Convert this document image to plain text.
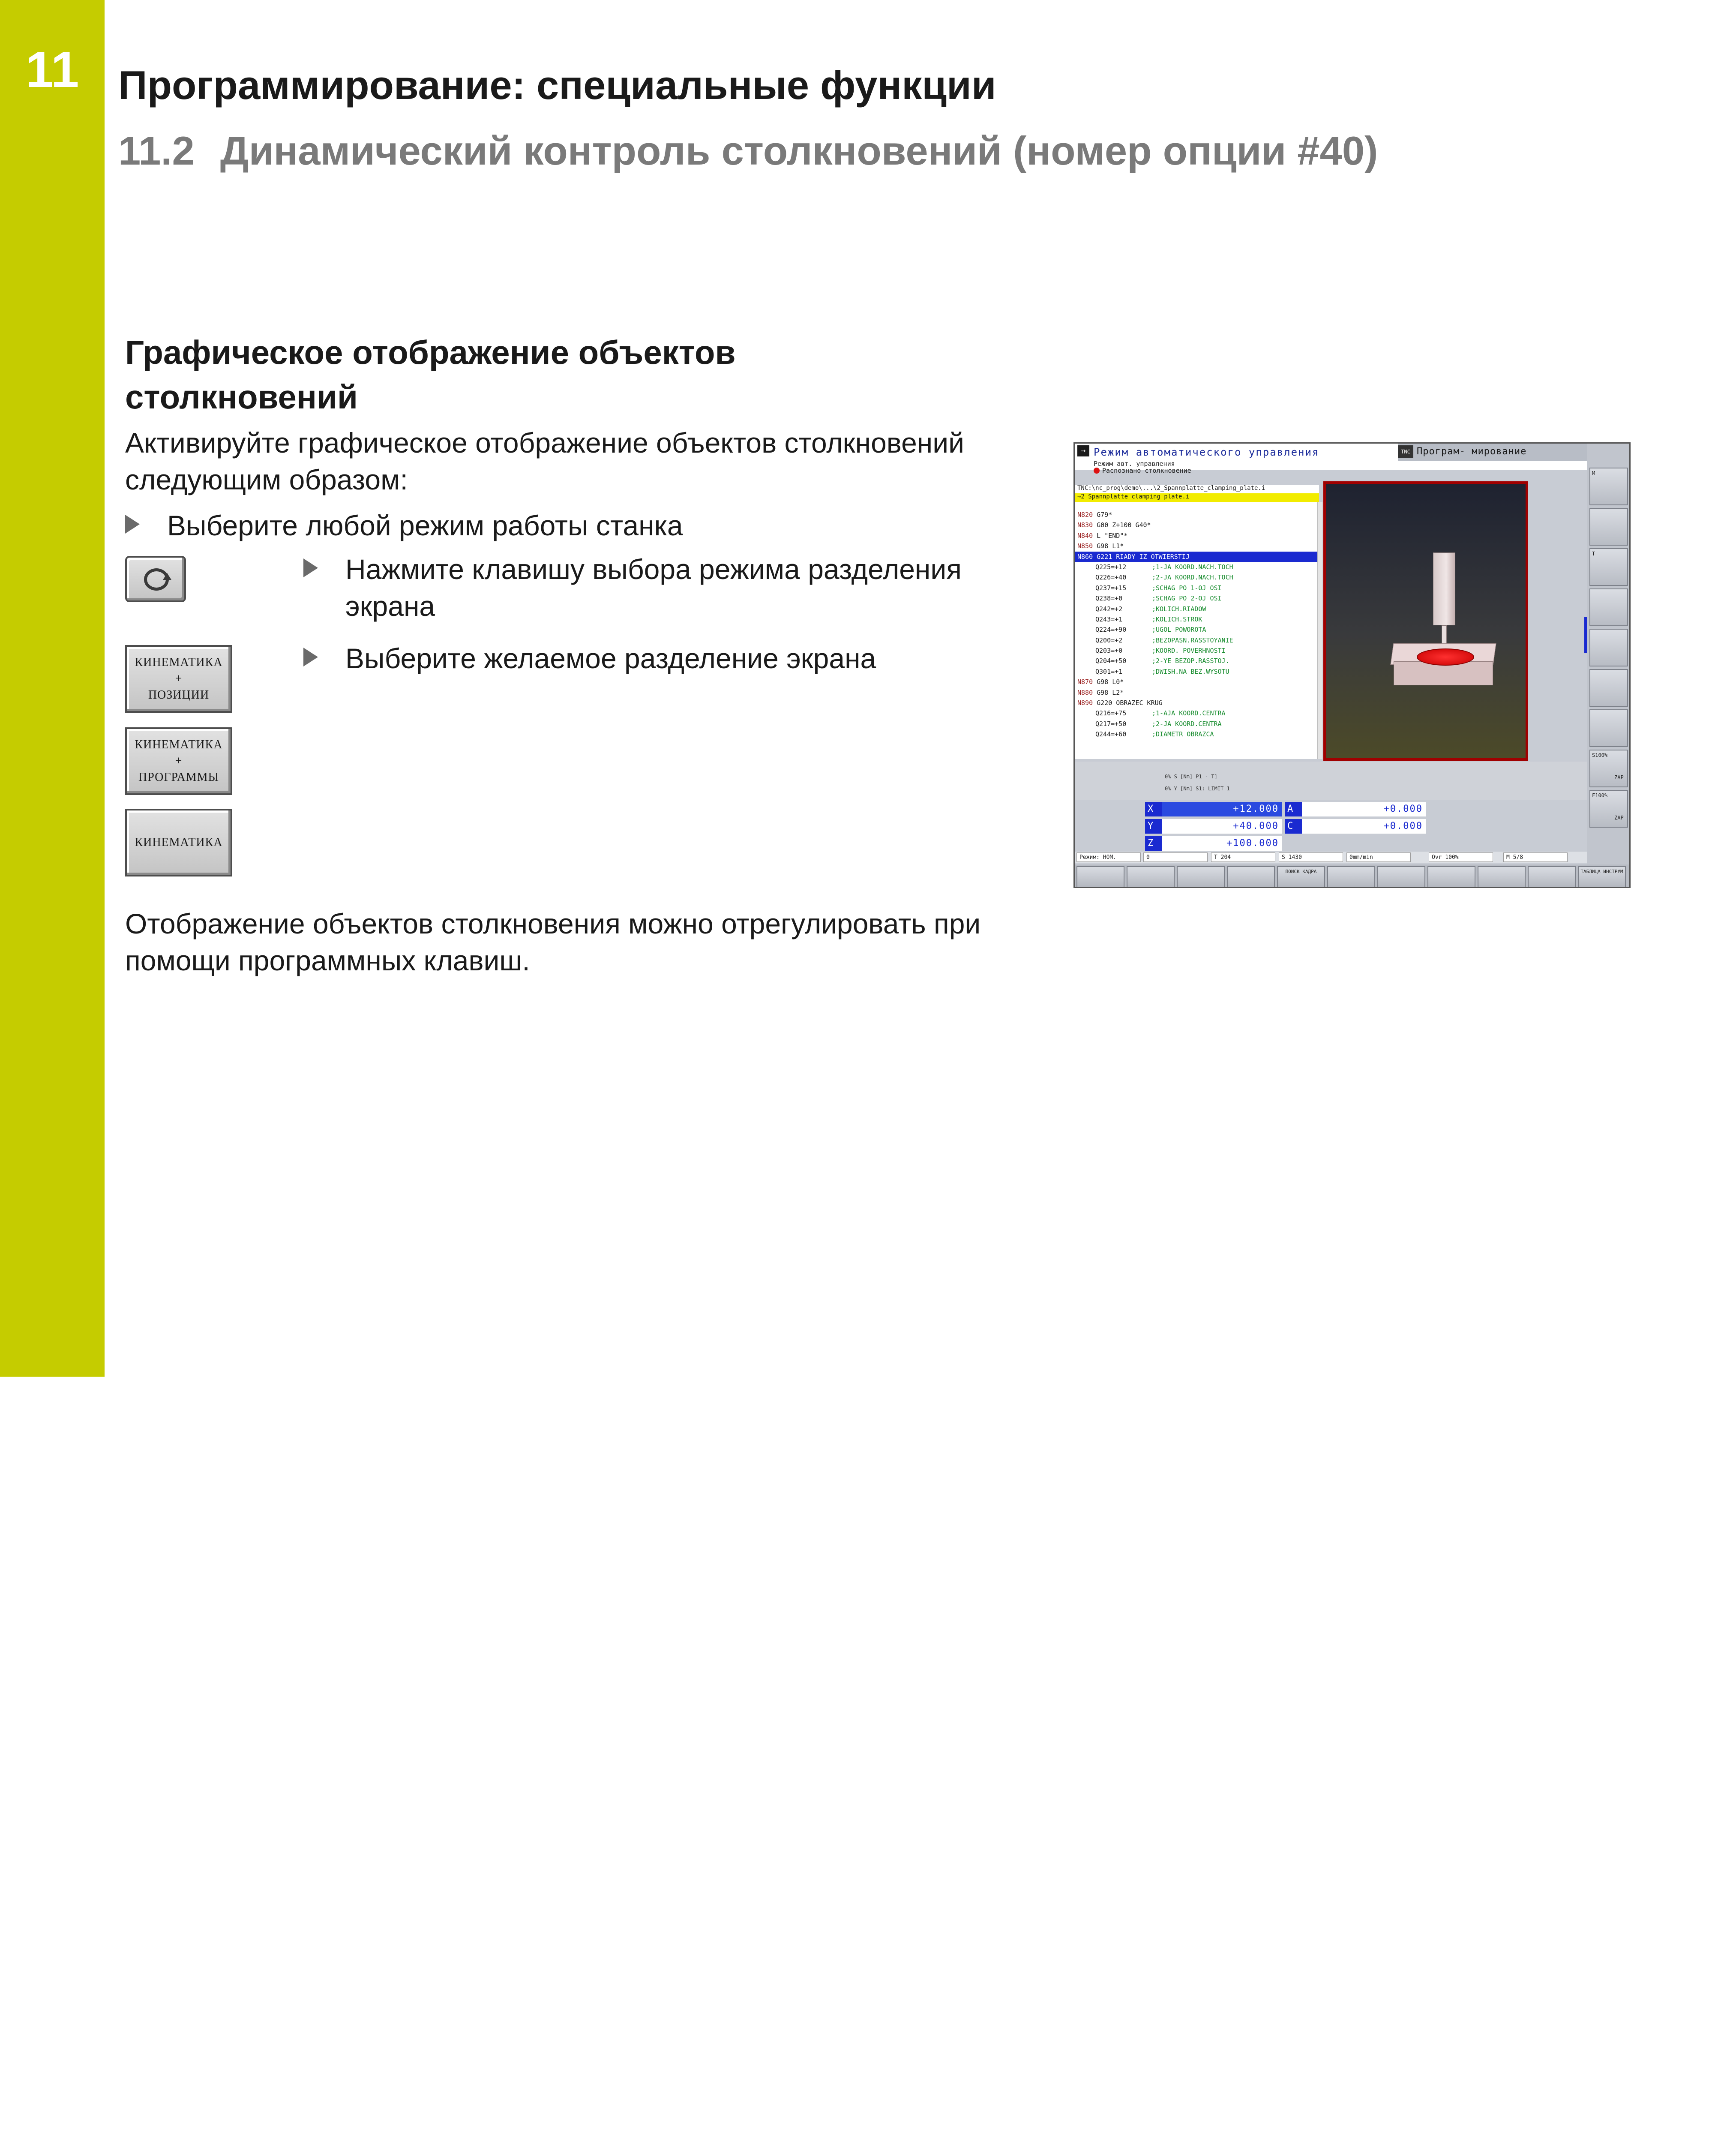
11 Программирование: специальные функции
11.2 Динамический контроль столкновений (номер опции #40)
Графическое отображение объектов столкновений
Активируйте графическое отображение объектов столкновений следующим образом:
Выберите любой режим работы станка
Нажмите клавишу выбора режима разделения экрана
Выберите желаемое разделение экрана
КИНЕМАТИКА
+
ПОЗИЦИИ
КИНЕМАТИКА
+
ПРОГРАММЫ
КИНЕМАТИКА
Отображение объектов столкновения можно отрегулировать при помощи программных клавиш.
→ Режим автоматического управления	TNC Програм- мирование
Режим авт. управления
Распознано столкновение
TNC:\nc_prog\demo\...\2_Spannplatte_clamping_plate.i
→2_Spannplatte_clamping_plate.i
N820 G79*
N830 G00 Z+100 G40*
N840 L "END"*
N850 G98 L1*
N860 G221 RIADY IZ OTWIERSTIJ
Q225=+12	;1-JA KOORD.NACH.TOCH
Q226=+40	;2-JA KOORD.NACH.TOCH
Q237=+15	;SCHAG PO 1-OJ OSI
Q238=+0	;SCHAG PO 2-OJ OSI
Q242=+2	;KOLICH.RIADOW
Q243=+1	;KOLICH.STROK
Q224=+90	;UGOL POWOROTA
Q200=+2	;BEZOPASN.RASSTOYANIE
Q203=+0	;KOORD. POVERHNOSTI
Q204=+50	;2-YE BEZOP.RASSTOJ.
Q301=+1	;DWISH.NA BEZ.WYSOTU
N870 G98 L0*
N880 G98 L2*
N890 G220 OBRAZEC KRUG
Q216=+75	;1-AJA KOORD.CENTRA
Q217=+50	;2-JA KOORD.CENTRA
Q244=+60	;DIAMETR OBRAZCA
M
T
S100%
ZAP
F100%
ZAP
0% S [Nm] P1 - T1
0% Y [Nm] S1: LIMIT 1
X	+12.000
Y	+40.000
Z	+100.000
A	+0.000
C	+0.000
Режим: НОМ.	0	T 204	S 1430	0mm/min	Ovr 100%	M 5/8
ПОИСК КАДРА	ТАБЛИЦА ИНСТРУМ
